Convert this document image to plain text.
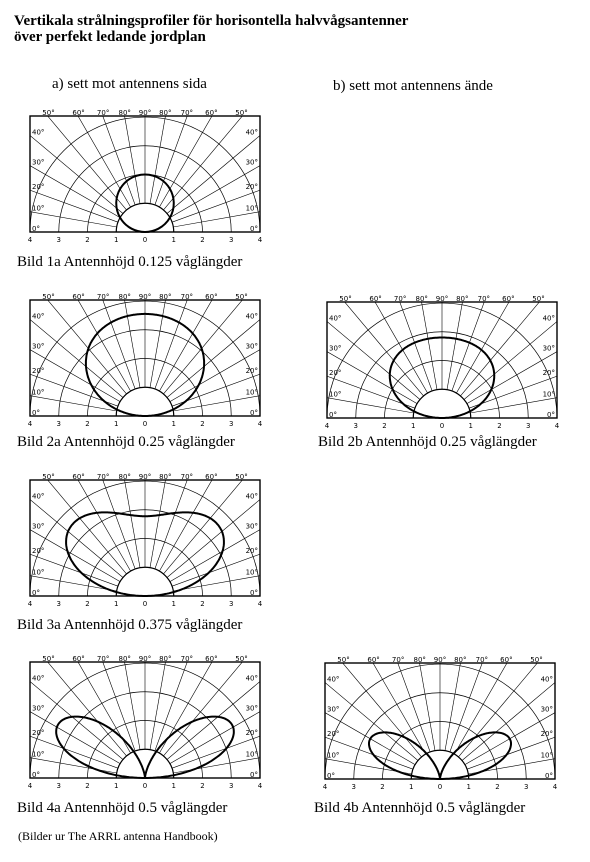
Vertikala strålningsprofiler för horisontella halvvågsantenner
över perfekt ledande jordplan
a) sett mot antennens sida	b) sett mot antennens ände
50°	60° 70° 80° 90° 80° 70° 60°	50°
0°	0°
10°	10°
20°	20°
30°	30°
40°	40°
4	3	2	1	0	1	2	3	4
Bild 1a Antennhöjd 0.125 våglängder
50°	60° 70° 80° 90° 80° 70° 60°	50°
0°	0°
10°	10°
20°	20°
30°	30°
40°	40°
4	3	2	1	0	1	2	3	4
Bild 2a Antennhöjd 0.25 våglängder
50°	60° 70° 80° 90° 80° 70° 60°	50°
0°	0°
10°	10°
20°	20°
30°	30°
40°	40°
4	3	2	1	0	1	2	3	4
Bild 2b Antennhöjd 0.25 våglängder
50°	60° 70° 80° 90° 80° 70° 60°	50°
0°	0°
10°	10°
20°	20°
30°	30°
40°	40°
4	3	2	1	0	1	2	3	4
Bild 3a Antennhöjd 0.375 våglängder
50°	60° 70° 80° 90° 80° 70° 60°	50°
0°	0°
10°	10°
20°	20°
30°	30°
40°	40°
4	3	2	1	0	1	2	3	4
Bild 4a Antennhöjd 0.5 våglängder
50°	60° 70° 80° 90° 80° 70° 60°	50°
0°	0°
10°	10°
20°	20°
30°	30°
40°	40°
4	3	2	1	0	1	2	3	4
Bild 4b Antennhöjd 0.5 våglängder
(Bilder ur The ARRL antenna Handbook)
